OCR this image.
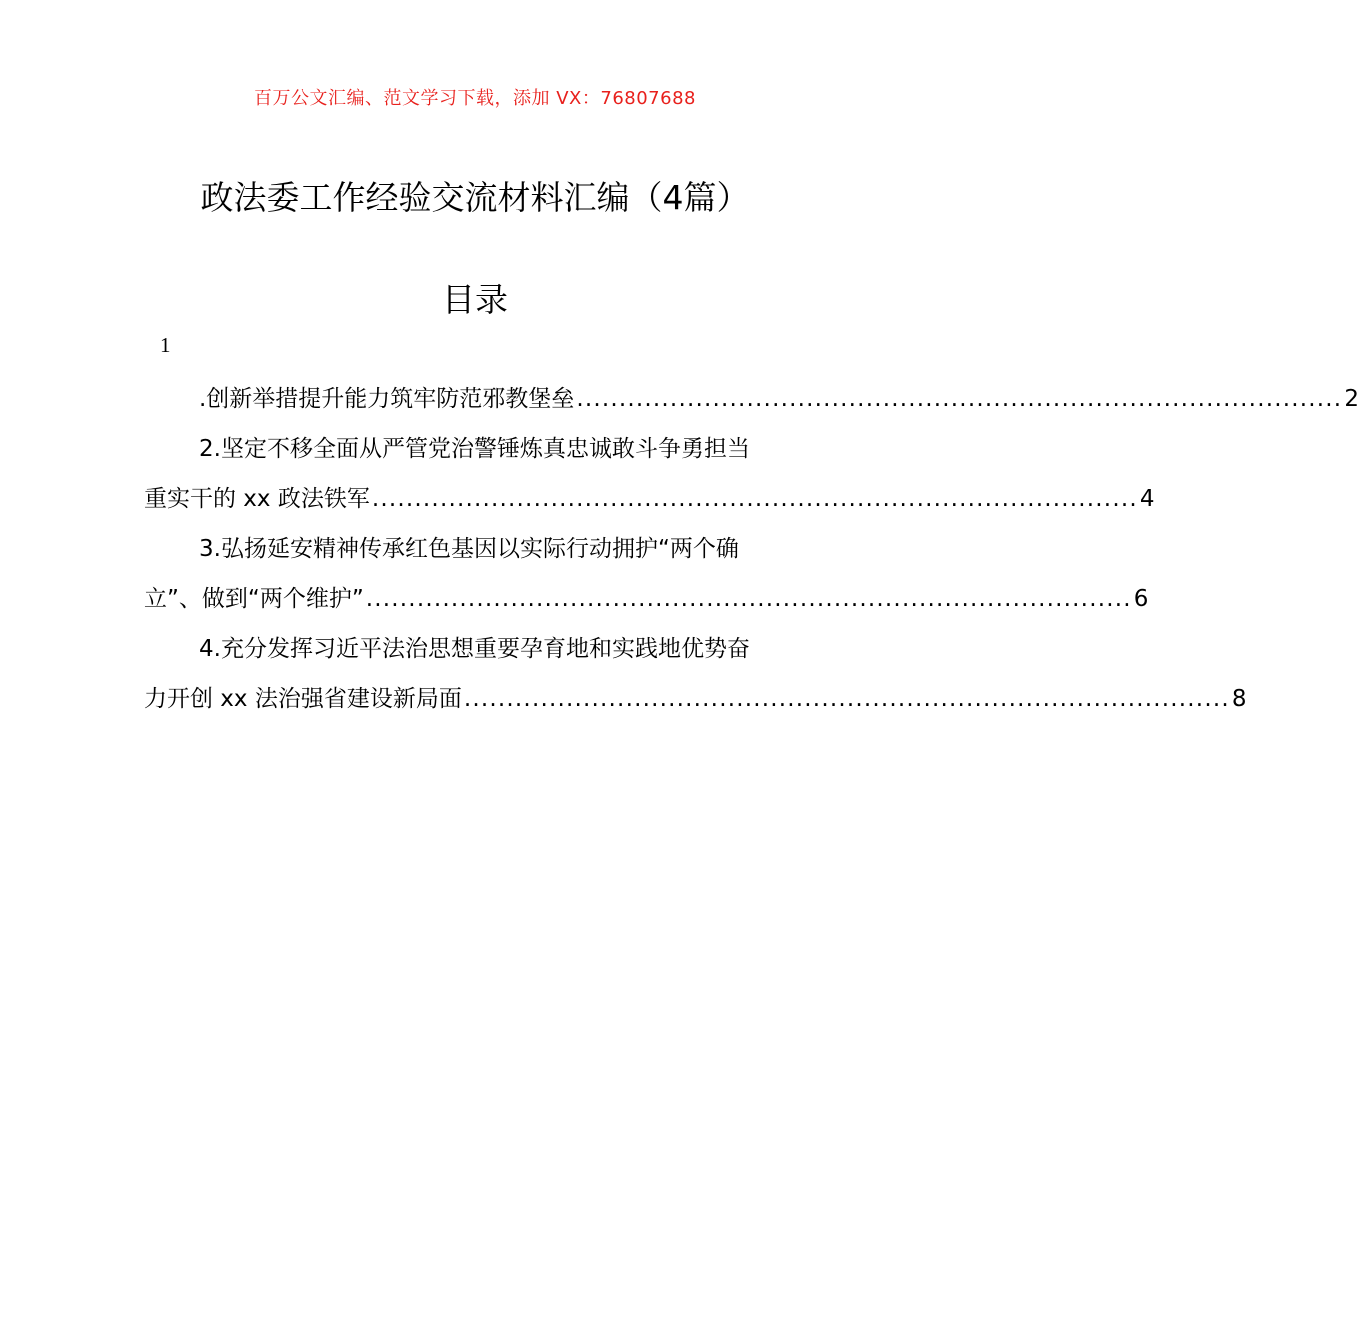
百万公文汇编、范文学习下载，添加 VX：76807688
政法委工作经验交流材料汇编（4篇）
目录
1
.创新举措提升能力筑牢防范邪教堡垒 .......................................................................................... 2
2.坚定不移全面从严管党治警锤炼真忠诚敢斗争勇担当
重实干的 xx 政法铁军 .......................................................................................... 4
3.弘扬延安精神传承红色基因以实际行动拥护“两个确
立”、做到“两个维护” .......................................................................................... 6
4.充分发挥习近平法治思想重要孕育地和实践地优势奋
力开创 xx 法治强省建设新局面 .......................................................................................... 8
